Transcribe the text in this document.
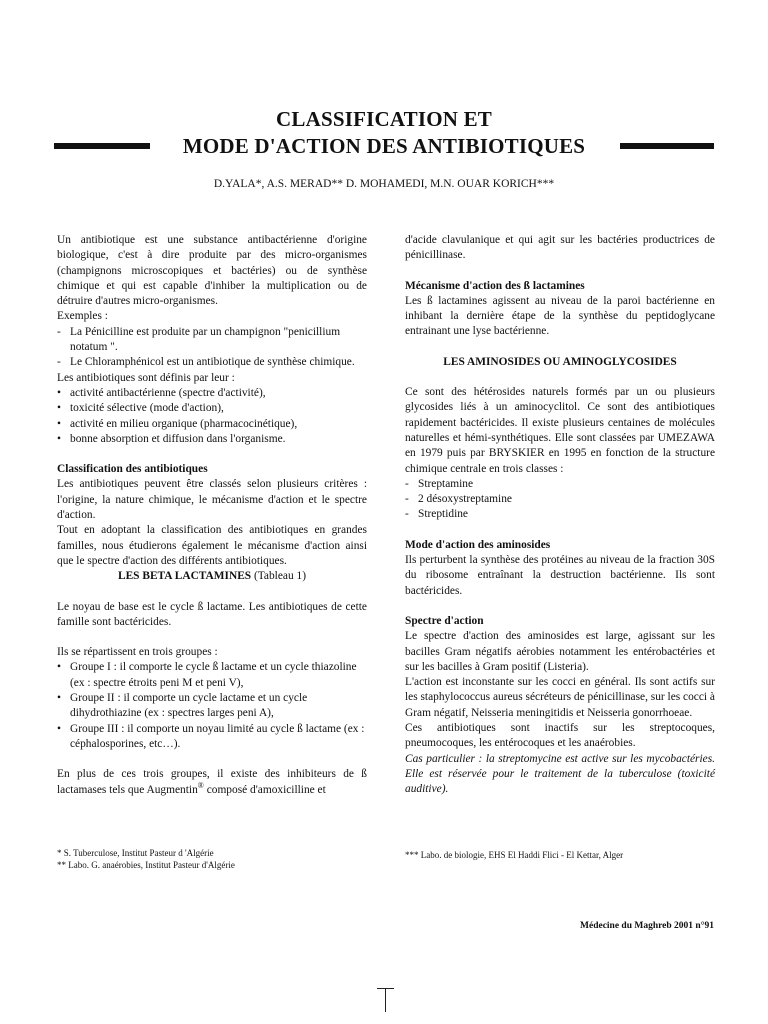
CLASSIFICATION ET

MODE D'ACTION DES ANTIBIOTIQUES

D.YALA*, A.S. MERAD** D. MOHAMEDI, M.N. OUAR KORICH***

Un antibiotique est une substance antibactérienne d'origine biologique, c'est à dire produite par des micro-organismes (champignons microscopiques et bactéries) ou de synthèse chimique et qui est capable d'inhiber la multiplication ou de détruire d'autres micro-organismes.

Exemples :

- La Pénicilline est produite par un champignon "penicillium notatum ".
- Le Chloramphénicol est un antibiotique de synthèse chimique.

Les antibiotiques sont définis par leur :

• activité antibactérienne (spectre d'activité),
• toxicité sélective (mode d'action),
• activité en milieu organique (pharmacocinétique),
• bonne absorption et diffusion dans l'organisme.

Classification des antibiotiques

Les antibiotiques peuvent être classés selon plusieurs critères : l'origine, la nature chimique, le mécanisme d'action et le spectre d'action.

Tout en adoptant la classification des antibiotiques en grandes familles, nous étudierons également le mécanisme d'action ainsi que le spectre d'action des différents antibiotiques.

LES BETA LACTAMINES (Tableau 1)

Le noyau de base est le cycle ß lactame. Les antibiotiques de cette famille sont bactéricides.

Ils se répartissent en trois groupes :

• Groupe I : il comporte le cycle ß lactame et un cycle thiazoline (ex : spectre étroits peni M et peni V),
• Groupe II : il comporte un cycle lactame et un cycle dihydrothiazine (ex : spectres larges peni A),
• Groupe III : il comporte un noyau limité au cycle ß lactame (ex : céphalosporines, etc…).

En plus de ces trois groupes, il existe des inhibiteurs de ß lactamases tels que Augmentin® composé d'amoxicilline et

d'acide clavulanique et qui agit sur les bactéries productrices de pénicillinase.

Mécanisme d'action des ß lactamines

Les ß lactamines agissent au niveau de la paroi bactérienne en inhibant la dernière étape de la synthèse du peptidoglycane entrainant une lyse bactérienne.

LES AMINOSIDES OU AMINOGLYCOSIDES

Ce sont des hétérosides naturels formés par un ou plusieurs glycosides liés à un aminocyclitol. Ce sont des antibiotiques rapidement bactéricides. Il existe plusieurs centaines de molécules naturelles et hémi-synthétiques. Elle sont classées par UMEZAWA en 1979 puis par BRYSKIER en 1995 en fonction de la structure chimique centrale en trois classes :

- Streptamine
- 2 désoxystreptamine
- Streptidine

Mode d'action des aminosides

Ils perturbent la synthèse des protéines au niveau de la fraction 30S du ribosome entraînant la destruction bactérienne. Ils sont bactéricides.

Spectre d'action

Le spectre d'action des aminosides est large, agissant sur les bacilles Gram négatifs aérobies notamment les entérobactéries et sur les bacilles à Gram positif (Listeria).

L'action est inconstante sur les cocci en général. Ils sont actifs sur les staphylococcus aureus sécréteurs de pénicillinase, sur les cocci à Gram négatif, Neisseria meningitidis et Neisseria gonorrhoeae.

Ces antibiotiques sont inactifs sur les streptocoques, pneumocoques, les entérocoques et les anaérobies.

Cas particulier : la streptomycine est active sur les mycobactéries. Elle est réservée pour le traitement de la tuberculose (toxicité auditive).

* S. Tuberculose, Institut Pasteur d 'Algérie
** Labo. G. anaérobies, Institut Pasteur d'Algérie
*** Labo. de biologie, EHS El Haddi Flici - El Kettar, Alger
Médecine du Maghreb 2001 n°91
